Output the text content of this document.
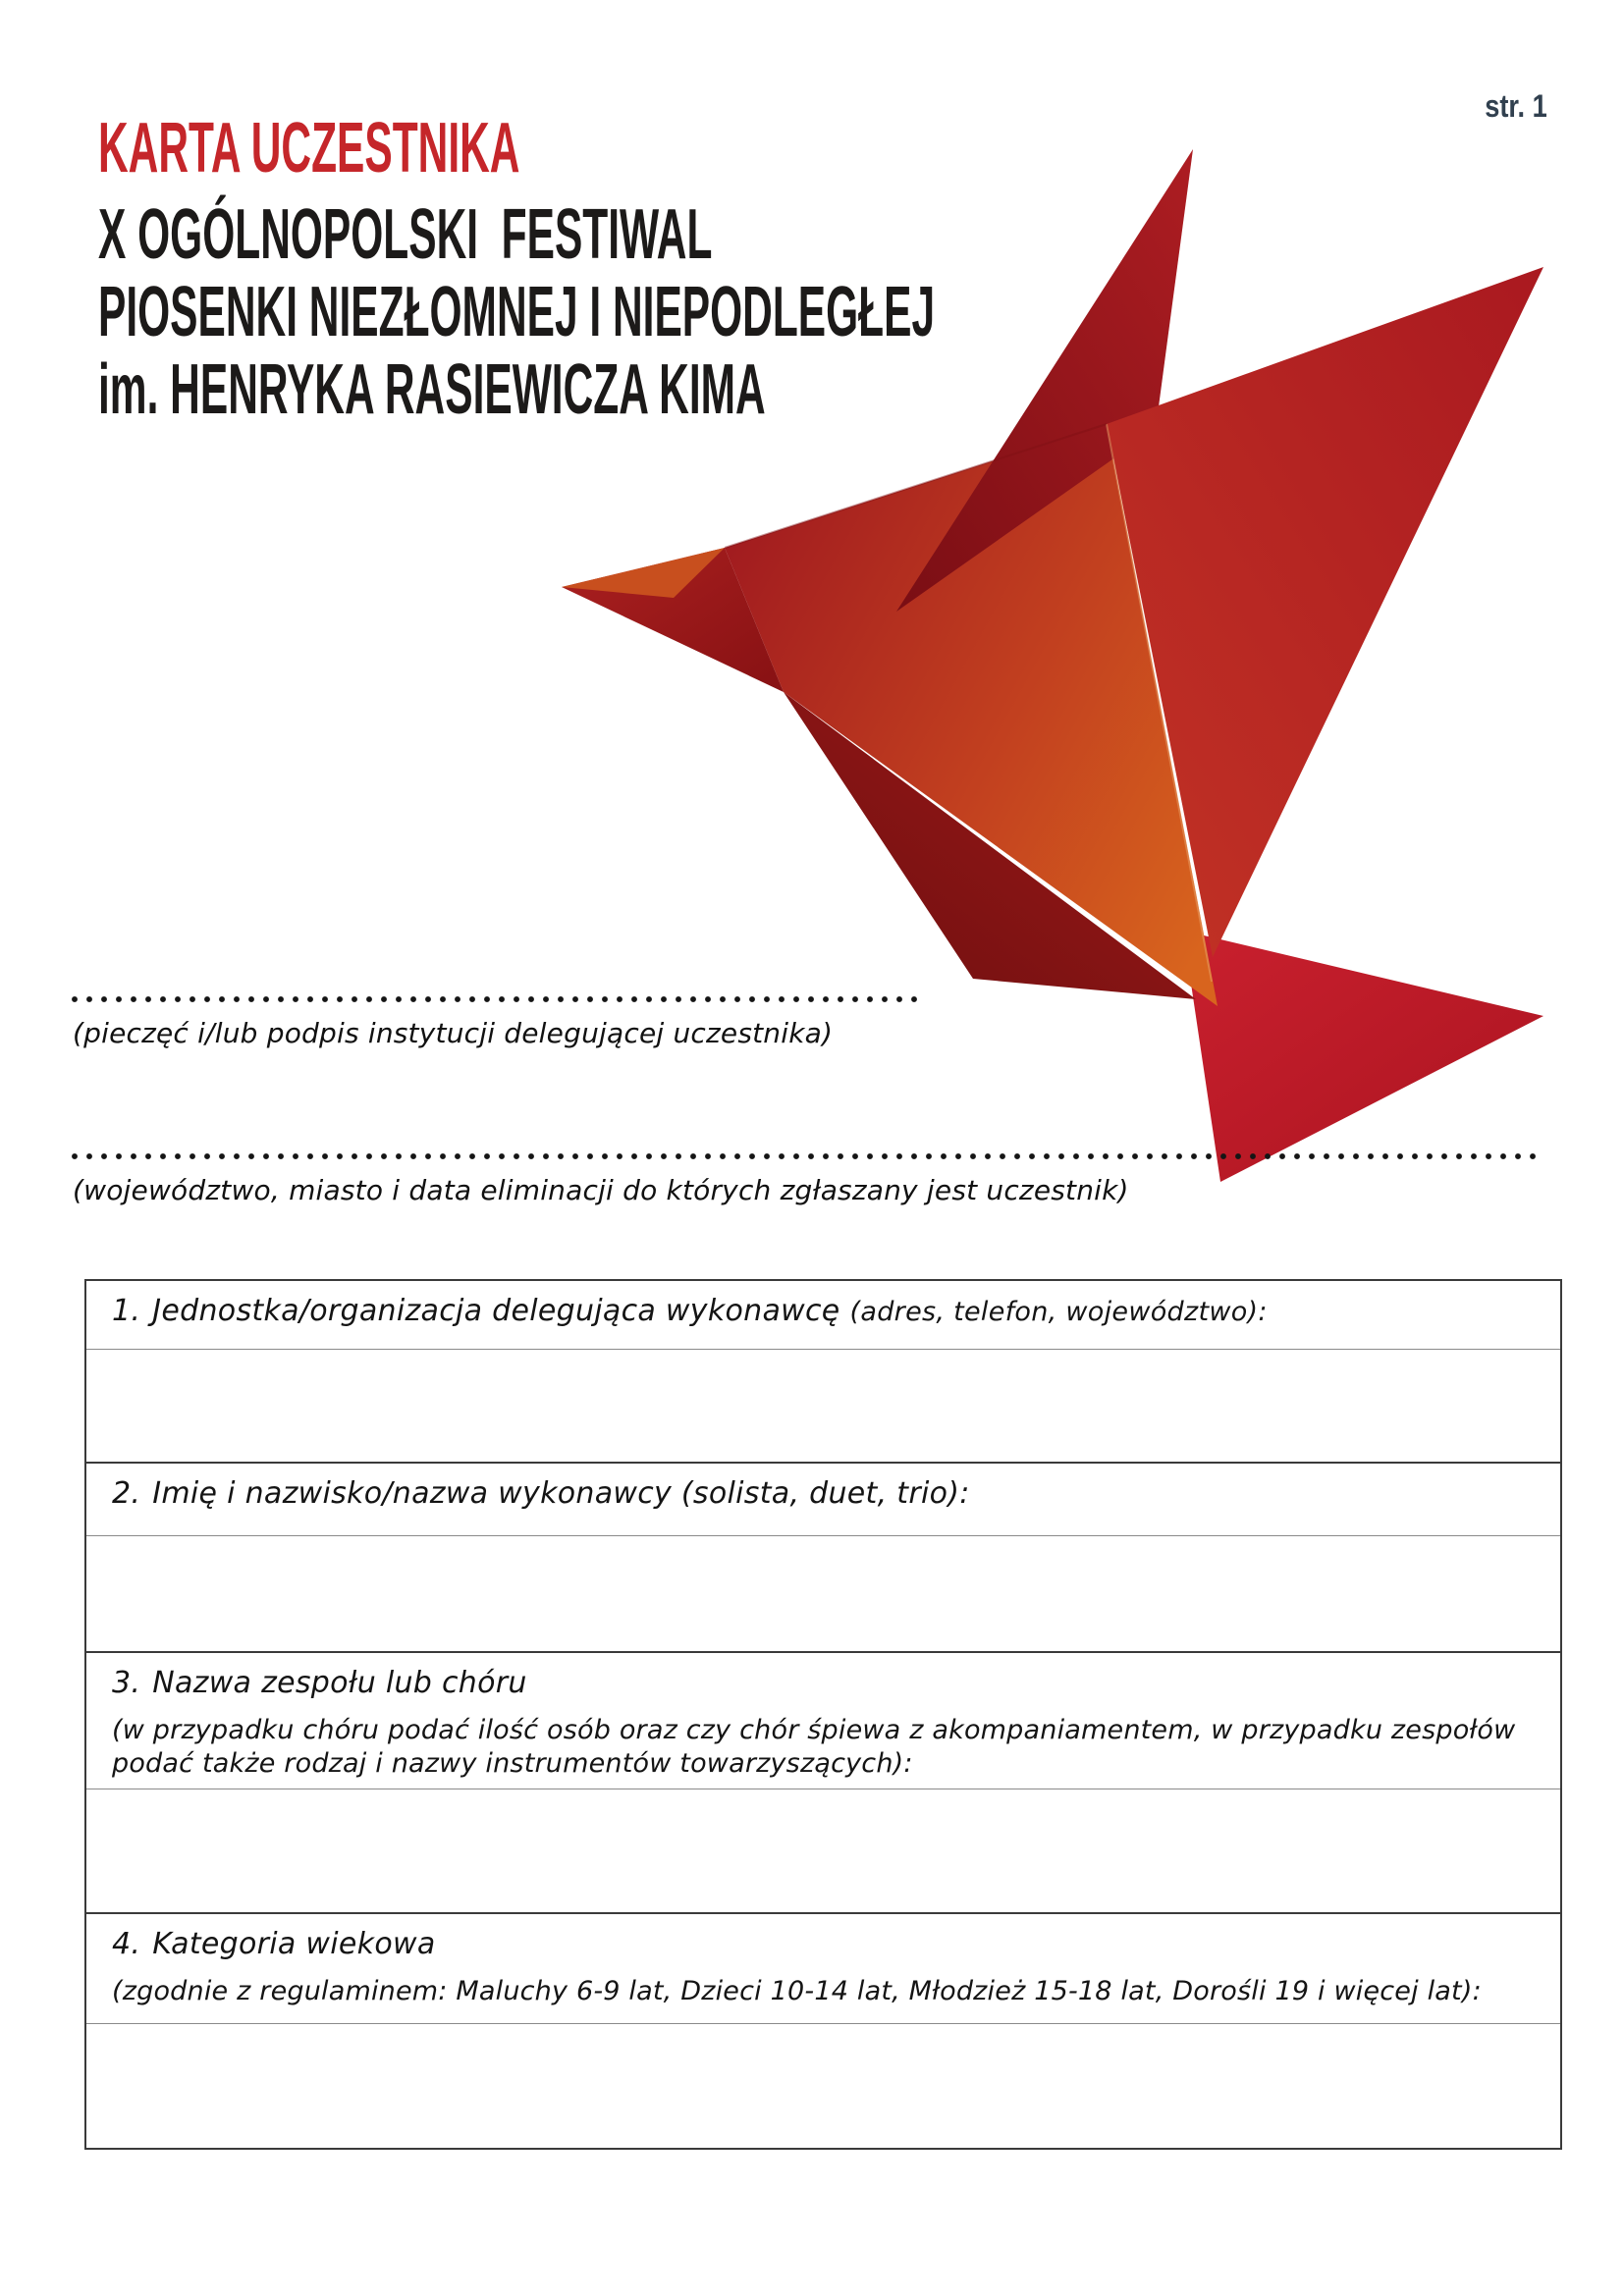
str. 1
KARTA UCZESTNIKA
X OGÓLNOPOLSKI  FESTIWAL
PIOSENKI NIEZŁOMNEJ I NIEPODLEGŁEJ
im. HENRYKA RASIEWICZA KIMA
(pieczęć i/lub podpis instytucji delegującej uczestnika)
(województwo, miasto i data eliminacji do których zgłaszany jest uczestnik)
1. Jednostka/organizacja delegująca wykonawcę (adres, telefon, województwo):
2. Imię i nazwisko/nazwa wykonawcy (solista, duet, trio):
3. Nazwa zespołu lub chóru
(w przypadku chóru podać ilość osób oraz czy chór śpiewa z akompaniamentem, w przypadku zespołów podać także rodzaj i nazwy instrumentów towarzyszących):
4. Kategoria wiekowa
(zgodnie z regulaminem: Maluchy 6-9 lat, Dzieci 10-14 lat, Młodzież 15-18 lat, Dorośli 19 i więcej lat):
